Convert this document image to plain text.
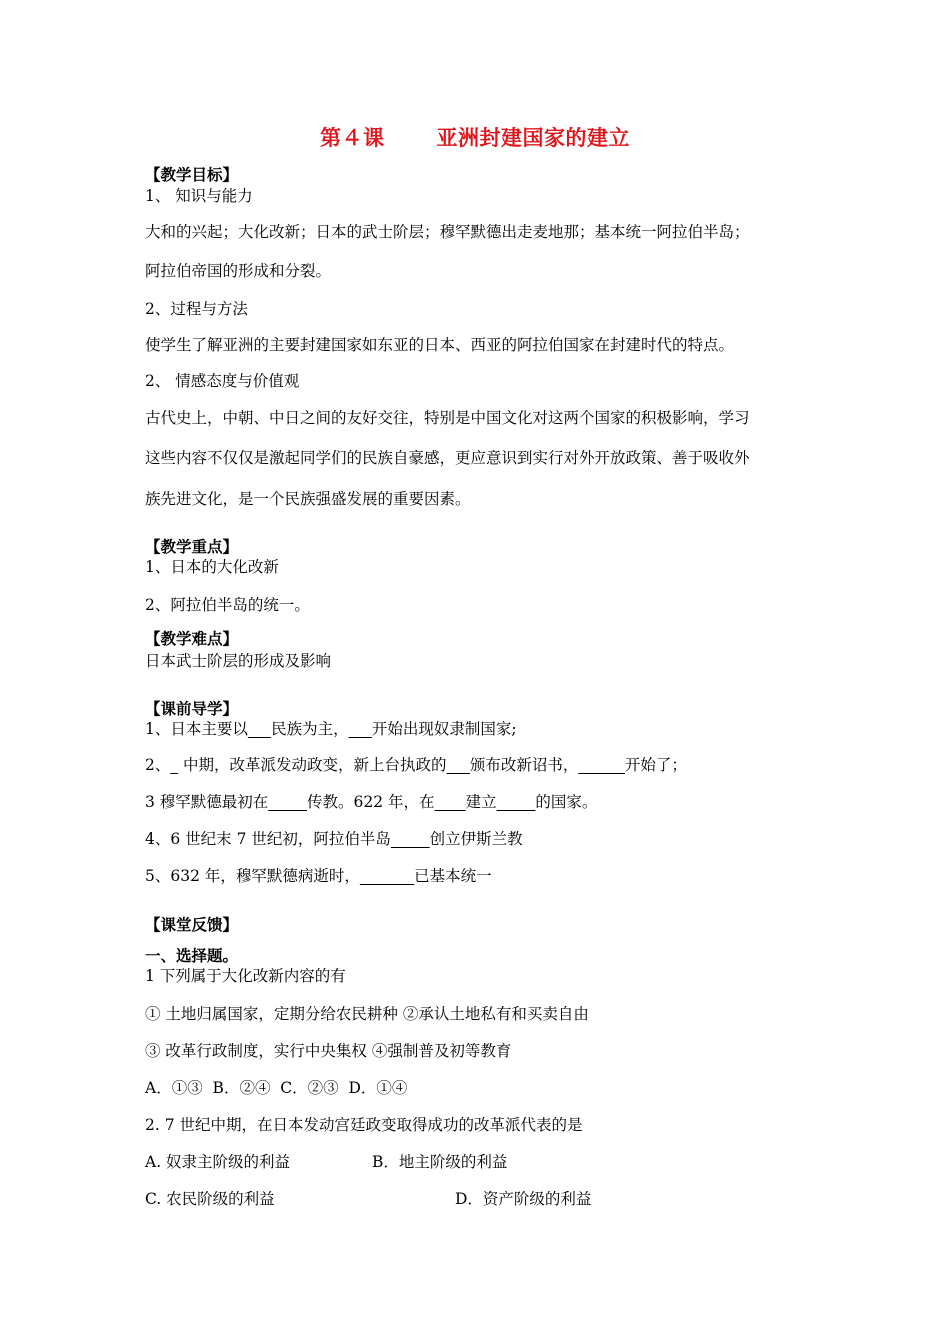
第４课 亚洲封建国家的建立
【教学目标】
1、 知识与能力
大和的兴起；大化改新；日本的武士阶层；穆罕默德出走麦地那；基本统一阿拉伯半岛；
阿拉伯帝国的形成和分裂。
2、过程与方法
使学生了解亚洲的主要封建国家如东亚的日本、西亚的阿拉伯国家在封建时代的特点。
2、 情感态度与价值观
古代史上，中朝、中日之间的友好交往，特别是中国文化对这两个国家的积极影响，学习
这些内容不仅仅是激起同学们的民族自豪感，更应意识到实行对外开放政策、善于吸收外
族先进文化，是一个民族强盛发展的重要因素。
【教学重点】
1、日本的大化改新
2、阿拉伯半岛的统一。
【教学难点】
日本武士阶层的形成及影响
【课前导学】
1、日本主要以___民族为主，___开始出现奴隶制国家;
2、_ 中期，改革派发动政变，新上台执政的___颁布改新诏书，______开始了；
3 穆罕默德最初在_____传教。622 年，在____建立_____的国家。
4、6 世纪末 7 世纪初，阿拉伯半岛_____创立伊斯兰教
5、632 年，穆罕默德病逝时，_______已基本统一
【课堂反馈】
一、选择题。
1 下列属于大化改新内容的有
① 土地归属国家，定期分给农民耕种 ②承认土地私有和买卖自由
③ 改革行政制度，实行中央集权 ④强制普及初等教育
A．①③  B．②④  C．②③  D．①④
2. 7 世纪中期，在日本发动宫廷政变取得成功的改革派代表的是
A. 奴隶主阶级的利益	B．地主阶级的利益
C. 农民阶级的利益	D．资产阶级的利益
